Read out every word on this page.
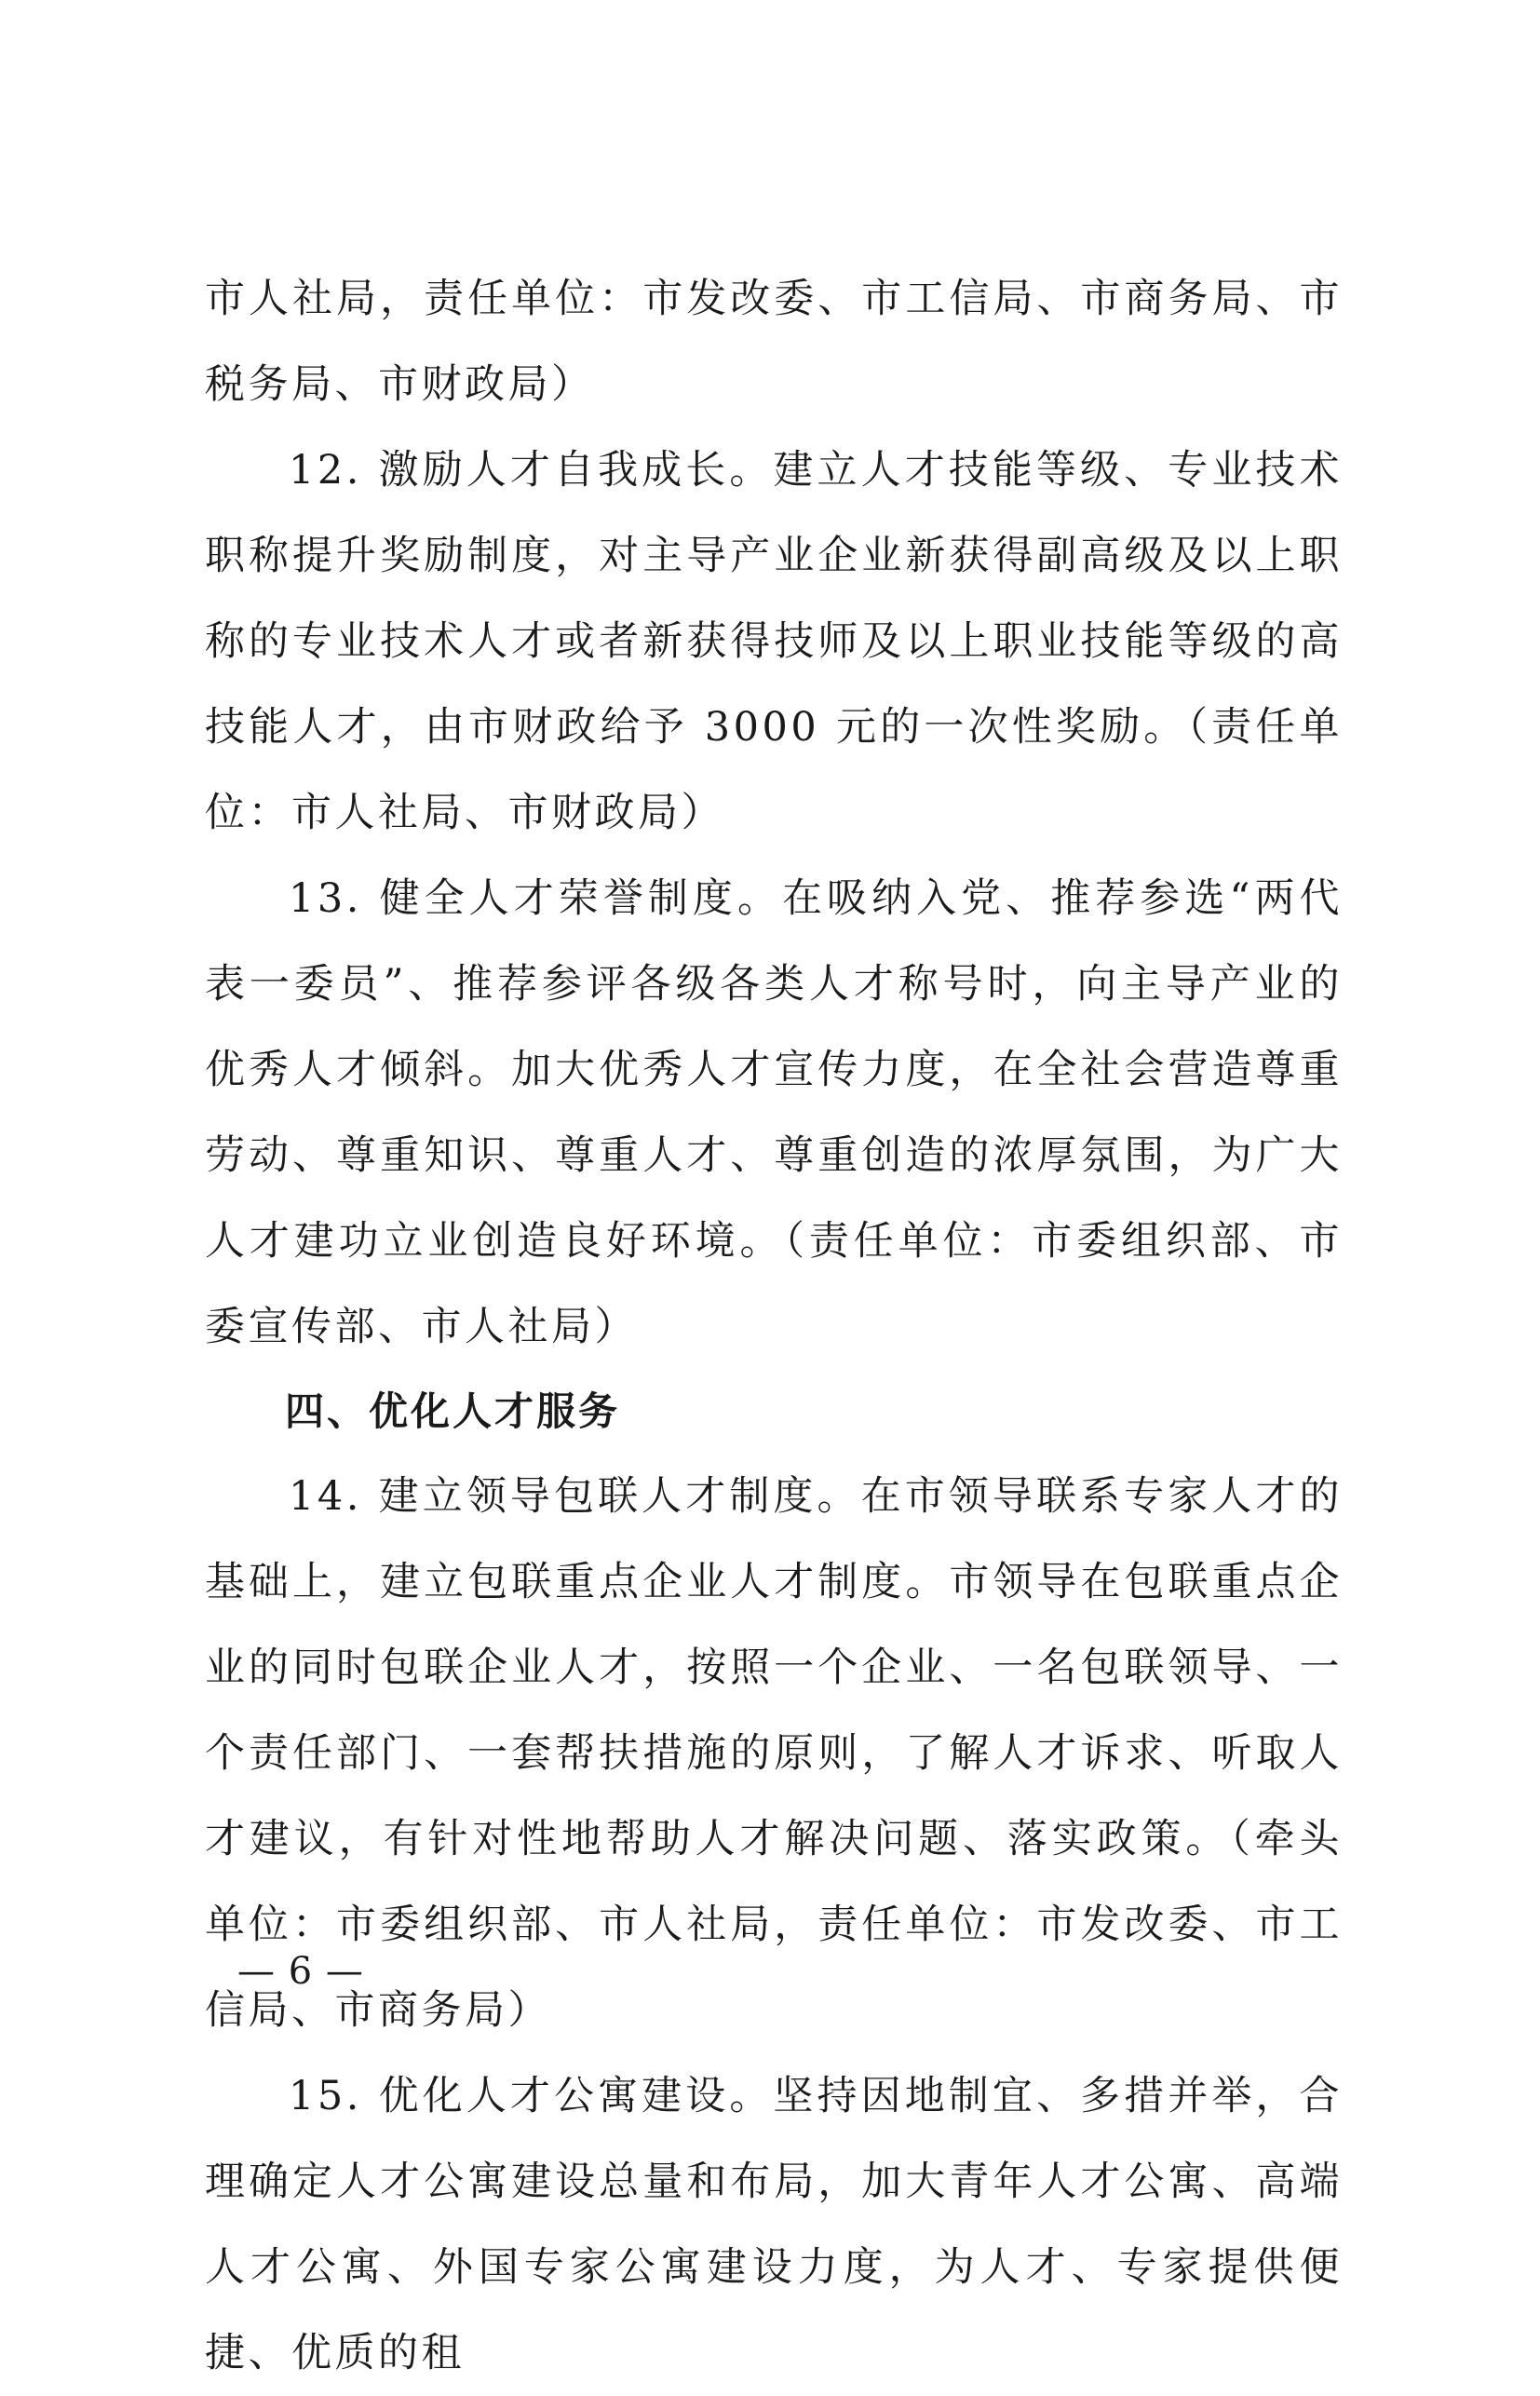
市人社局，责任单位：市发改委、市工信局、市商务局、市税务局、市财政局）

12. 激励人才自我成长。建立人才技能等级、专业技术职称提升奖励制度，对主导产业企业新获得副高级及以上职称的专业技术人才或者新获得技师及以上职业技能等级的高技能人才，由市财政给予 3000 元的一次性奖励。（责任单位：市人社局、市财政局）

13. 健全人才荣誉制度。在吸纳入党、推荐参选“两代表一委员”、推荐参评各级各类人才称号时，向主导产业的优秀人才倾斜。加大优秀人才宣传力度，在全社会营造尊重劳动、尊重知识、尊重人才、尊重创造的浓厚氛围，为广大人才建功立业创造良好环境。（责任单位：市委组织部、市委宣传部、市人社局）

四、优化人才服务

14. 建立领导包联人才制度。在市领导联系专家人才的基础上，建立包联重点企业人才制度。市领导在包联重点企业的同时包联企业人才，按照一个企业、一名包联领导、一个责任部门、一套帮扶措施的原则，了解人才诉求、听取人才建议，有针对性地帮助人才解决问题、落实政策。（牵头单位：市委组织部、市人社局，责任单位：市发改委、市工信局、市商务局）

15. 优化人才公寓建设。坚持因地制宜、多措并举，合理确定人才公寓建设总量和布局，加大青年人才公寓、高端人才公寓、外国专家公寓建设力度，为人才、专家提供便捷、优质的租

— 6 —
